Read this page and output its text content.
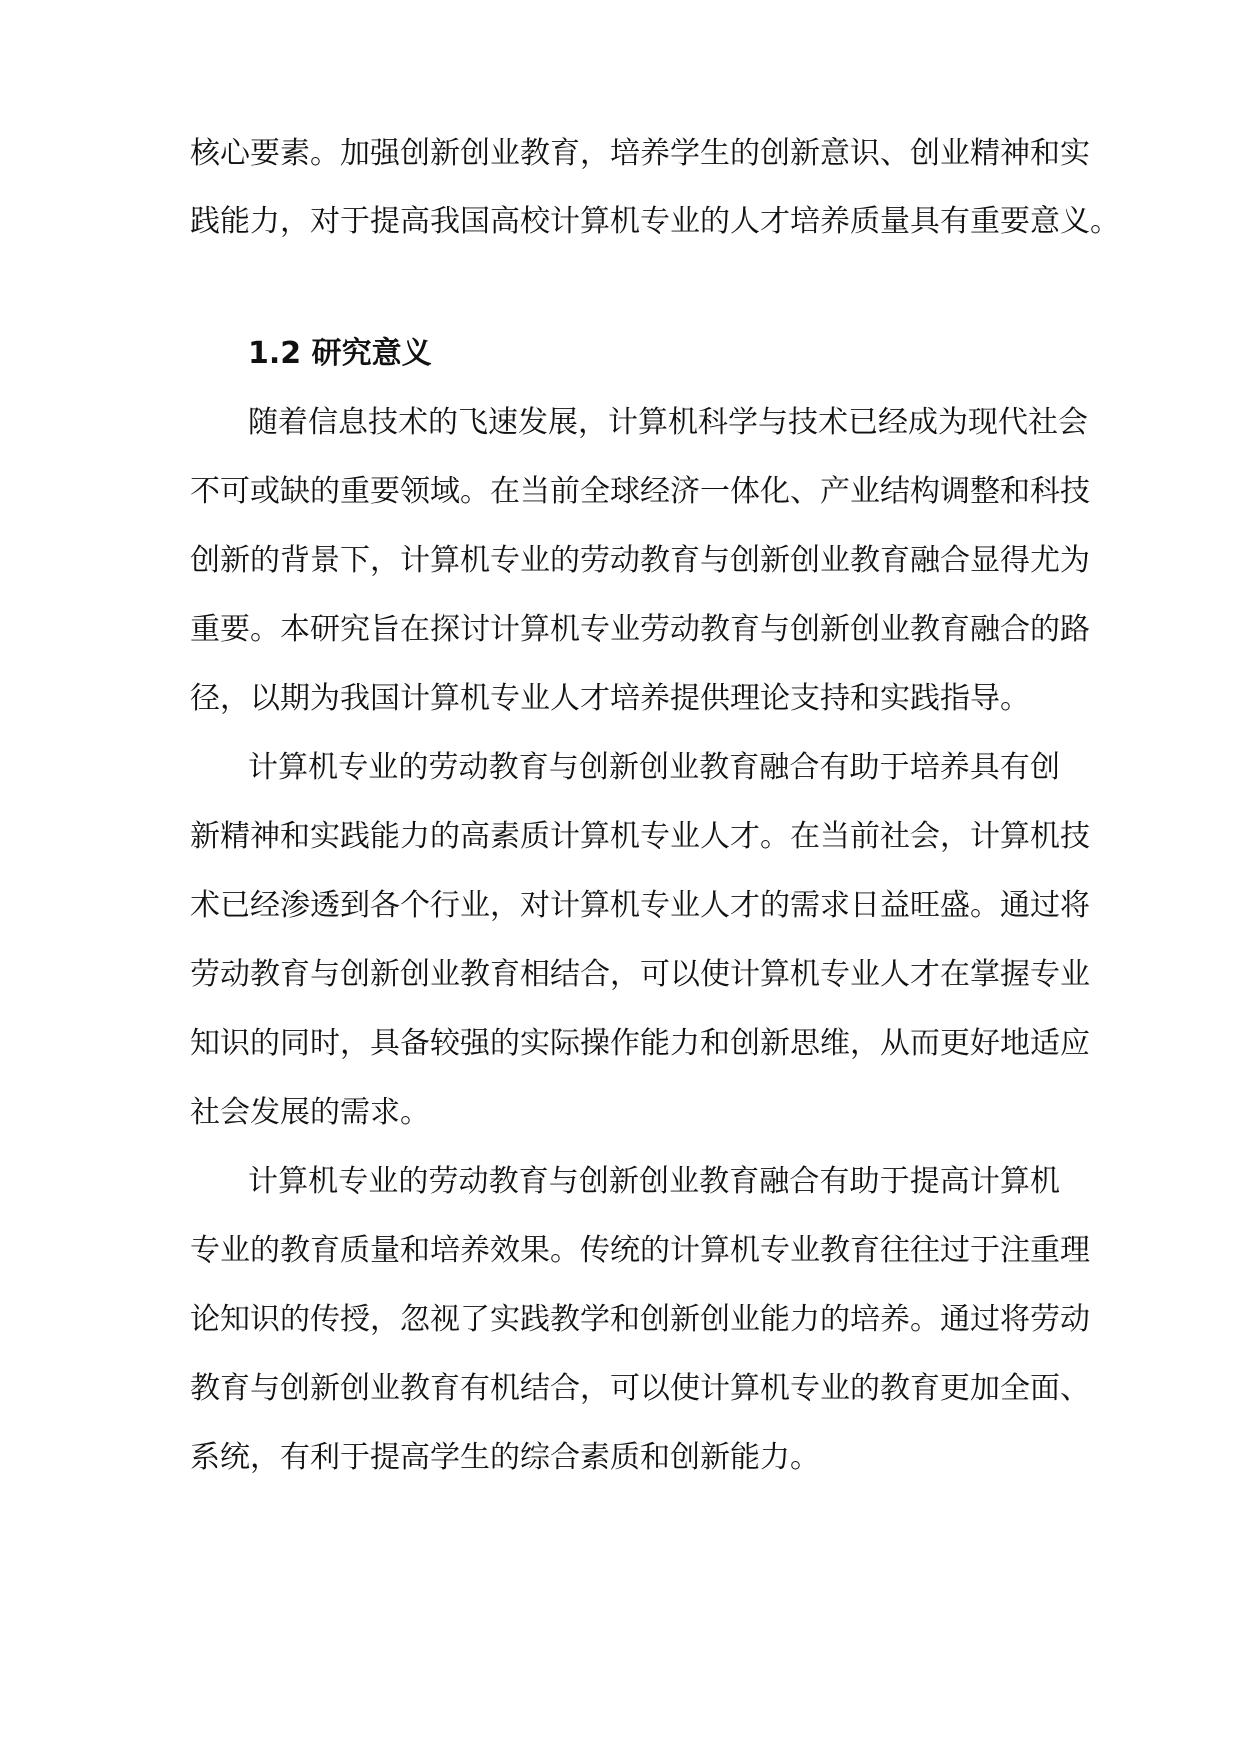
核心要素。加强创新创业教育，培养学生的创新意识、创业精神和实

践能力，对于提高我国高校计算机专业的人才培养质量具有重要意义。

1.2 研究意义

随着信息技术的飞速发展，计算机科学与技术已经成为现代社会

不可或缺的重要领域。在当前全球经济一体化、产业结构调整和科技

创新的背景下，计算机专业的劳动教育与创新创业教育融合显得尤为

重要。本研究旨在探讨计算机专业劳动教育与创新创业教育融合的路

径，以期为我国计算机专业人才培养提供理论支持和实践指导。

计算机专业的劳动教育与创新创业教育融合有助于培养具有创

新精神和实践能力的高素质计算机专业人才。在当前社会，计算机技

术已经渗透到各个行业，对计算机专业人才的需求日益旺盛。通过将

劳动教育与创新创业教育相结合，可以使计算机专业人才在掌握专业

知识的同时，具备较强的实际操作能力和创新思维，从而更好地适应

社会发展的需求。

计算机专业的劳动教育与创新创业教育融合有助于提高计算机

专业的教育质量和培养效果。传统的计算机专业教育往往过于注重理

论知识的传授，忽视了实践教学和创新创业能力的培养。通过将劳动

教育与创新创业教育有机结合，可以使计算机专业的教育更加全面、

系统，有利于提高学生的综合素质和创新能力。
